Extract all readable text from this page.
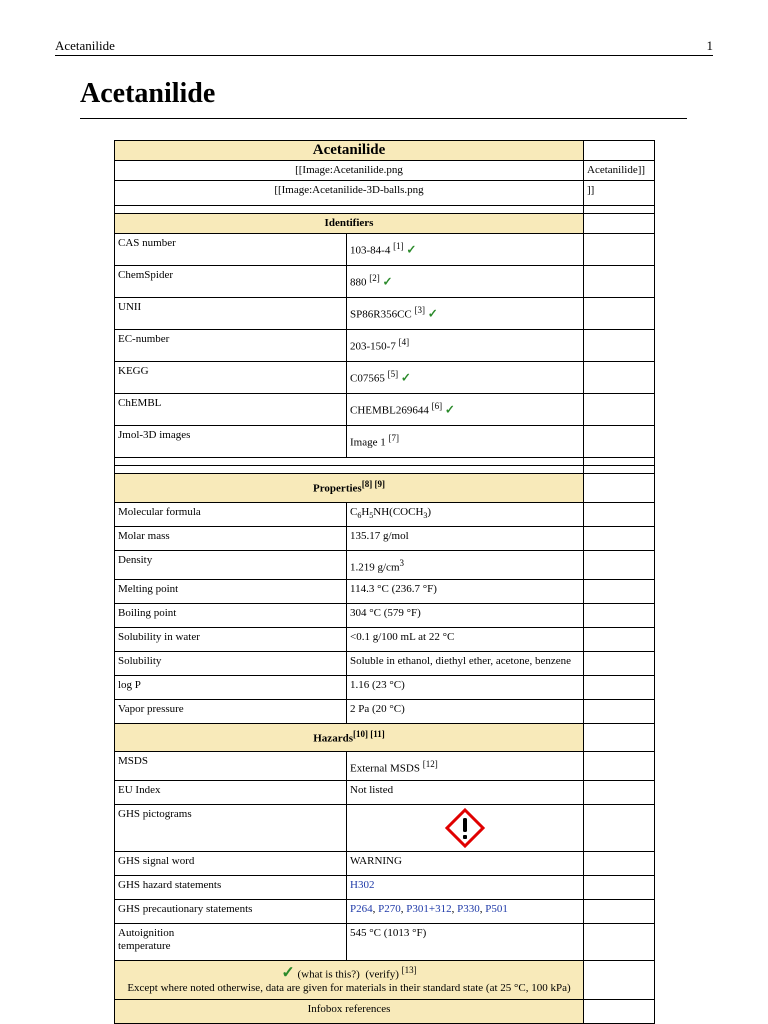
Acetanilide	1
Acetanilide
Acetanilide		
[[Image:Acetanilide.png		Acetanilide]]
[[Image:Acetanilide-3D-balls.png		]]

Identifiers		
CAS number	103-84-4 [1] ✓	
ChemSpider	880 [2] ✓	
UNII	SP86R356CC [3] ✓	
EC-number	203-150-7 [4]	
KEGG	C07565 [5] ✓	
ChEMBL	CHEMBL269644 [6] ✓	
Jmol-3D images	Image 1 [7]	

Properties[8] [9]	
Molecular formula	$C_6H_5NH(COCH_3)$	
Molar mass	135.17 g/mol	
Density	1.219 $g/cm^3$	
Melting point	114.3 °C (236.7 °F)	
Boiling point	304 °C (579 °F)	
Solubility in water	<0.1 g/100 mL at 22 °C	
Solubility	Soluble in ethanol, diethyl ether, acetone, benzene	
log P	1.16 (23 °C)	
Vapor pressure	2 Pa (20 °C)	
Hazards[10] [11]	
MSDS	External MSDS [12]	
EU Index	Not listed	
GHS pictograms	

GHS signal word	WARNING	
GHS hazard statements	H302	
GHS precautionary statements	P264, P270, P301+312, P330, P501	
Autoignition
temperature	545 °C (1013 °F)	
✓ (what is this?) (verify) [13]
Except where noted otherwise, data are given for materials in their standard state (at 25 °C, 100 kPa)		
Infobox references		
